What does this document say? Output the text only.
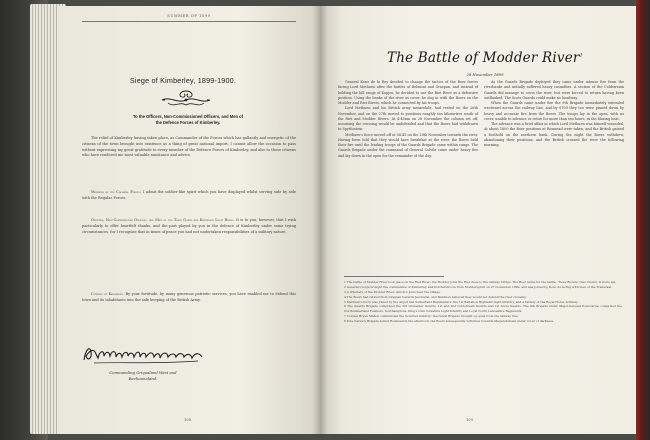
SUMMER OF 1899
Siege of Kimberley, 1899-1900.
To the Officers, Non-Commissioned Officers, and Men of
the Defence Forces of Kimberley.

The relief of Kimberley having taken place, as Commander of the Forces which has gallantly and energetic of the citizens of the town brought into existence as a thing of great national import, I cannot allow the occasion to pass without expressing my great gratitude to every member of the Defence Forces of Kimberley, and also to those citizens who have rendered me most valuable assistance and advice.

Members of the Colonial Forces. I admit the soldier-like spirit which you have displayed whilst serving side by side with the Regular Forces.

Officers, Non-Commissioned Officers, and Men of the Town Guard and Kimberley Light Horse. It is to you, however, that I wish particularly to offer heartfelt thanks, and the part played by you in the defence of Kimberley under some trying circumstances, for I recognise that in times of peace you had not undertaken responsibilities of a military nature.

Citizens of Kimberley. By your fortitude, by many generous patriotic services, you have enabled me to defend this town and its inhabitants into the safe keeping of the British Army.

Commanding Griqualand West and
Bechuanaland.
108
The Battle of Modder River$^1$
28 November 1899

General Kono de la Rey decided to change the tactics of the Boer forces facing Lord Methuen after the battles of Belmont and Graspan, and instead of holding the hill range of Kopjes, he decided to use the Riet River as a defensive position. Using the banks of the river as cover, he dug in with the Boers on the Modder and Riet Rivers, which he connected by his troops.

Lord Methuen and his British army meanwhile, had rested on the 26th November, and on the 27th moved to positions roughly ten kilometres south of the Riet and Modder Rivers. At 4:45am on 28 November the column set off, assuming the crossing would be undefended and that the Boers had withdrawn to Spytfontein.

Methuen's force moved off at 04:45 on the 28th November towards the river. Having been told that they would have breakfast at the river, the Boers held their fire until the leading troops of the Guards Brigade came within range. The Guards Brigade under the command of General Colvile came under heavy fire and lay down in the open for the remainder of the day.

As the Guards Brigade deployed they came under intense fire from the riverbanks and initially suffered heavy casualties. A section of the Coldstream Guards did manage to cross the river, but were forced to return having been outflanked. The Scots Guards could make no headway.

When the Guards came under fire the 9th Brigade immediately extended westward across the railway line, and by 0700 they too were pinned down by heavy and accurate fire from the Boers. The troops lay in the open, with no cover, unable to advance or retire for more than ten hours, in the blazing heat.

The advance was a brief affair in which Lord Methuen was himself wounded. At about 1600 the Boer positions at Rosmead were taken, and the British gained a foothold on the northern bank. During the night the Boers withdrew, abandoning their positions, and the British crossed the river the following morning.

1 The battle of Modder River took place on the Riet River; the Modder joins the Riet close to the railway bridge. The Boer name for the battle, 'Twee Riviere' (two rivers), is more apt.

2 General Cronje brought the commandos of Kimberley and Potchefstroom from Modderspruit on 27 November 1899, and was joined by Kono de la Rey with men of the Transvaal.

3 A tributary of the Modder River, which it joins near the village.

4 The Boers had retired from Graspan towards Jacobsdal, and Methuen believed they would not defend the river crossing.

5 Methuen's force was joined by the Argyll and Sutherland Highlanders, the 1st Battalion Highland Light Infantry, and a battery of the Royal Horse Artillery.

6 The Guards Brigade comprised the 3rd Grenadier Guards, 1st and 2nd Coldstream Guards and 1st Scots Guards. The 9th Brigade under Major-General Pole-Carew comprised the Northumberland Fusiliers, Northamptons, King's Own Yorkshire Light Infantry and Loyal North Lancashire Regiments.

7 Colonel Bryan Mahon commanded the mounted infantry; the Naval Brigade brought up guns from the railway line.

8 Pole-Carew's Brigade seized Rosmead in the afternoon; the Boers subsequently withdrew towards Magersfontein under cover of darkness.

109
